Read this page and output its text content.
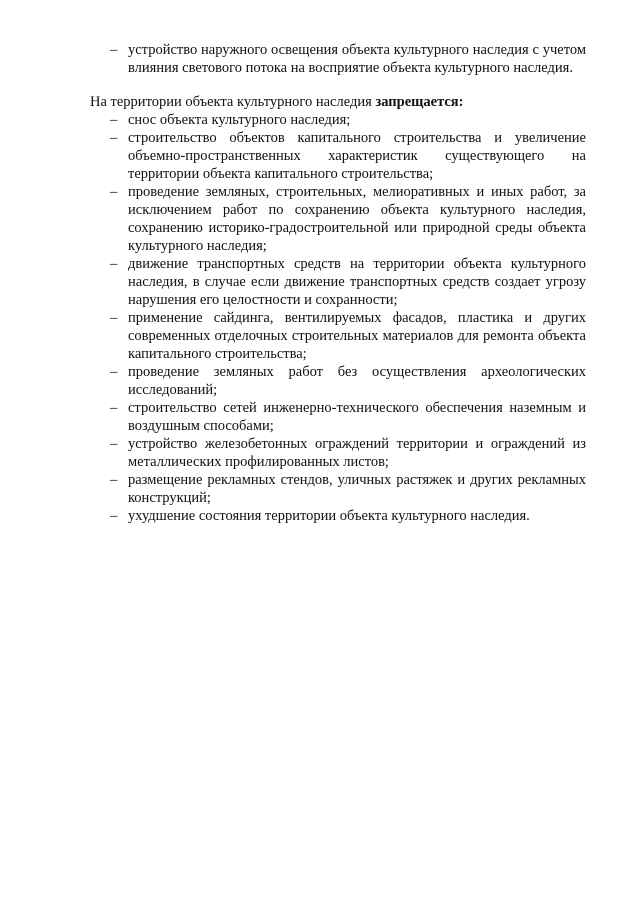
– устройство наружного освещения объекта культурного наследия с учетом влияния светового потока на восприятие объекта культурного наследия.

На территории объекта культурного наследия запрещается:

– снос объекта культурного наследия;
– строительство объектов капитального строительства и увеличение объемно-пространственных характеристик существующего на территории объекта капитального строительства;
– проведение земляных, строительных, мелиоративных и иных работ, за исключением работ по сохранению объекта культурного наследия, сохранению историко-градостроительной или природной среды объекта культурного наследия;
– движение транспортных средств на территории объекта культурного наследия, в случае если движение транспортных средств создает угрозу нарушения его целостности и сохранности;
– применение сайдинга, вентилируемых фасадов, пластика и других современных отделочных строительных материалов для ремонта объекта капитального строительства;
– проведение земляных работ без осуществления археологических исследований;
– строительство сетей инженерно-технического обеспечения наземным и воздушным способами;
– устройство железобетонных ограждений территории и ограждений из металлических профилированных листов;
– размещение рекламных стендов, уличных растяжек и других рекламных конструкций;
– ухудшение состояния территории объекта культурного наследия.
